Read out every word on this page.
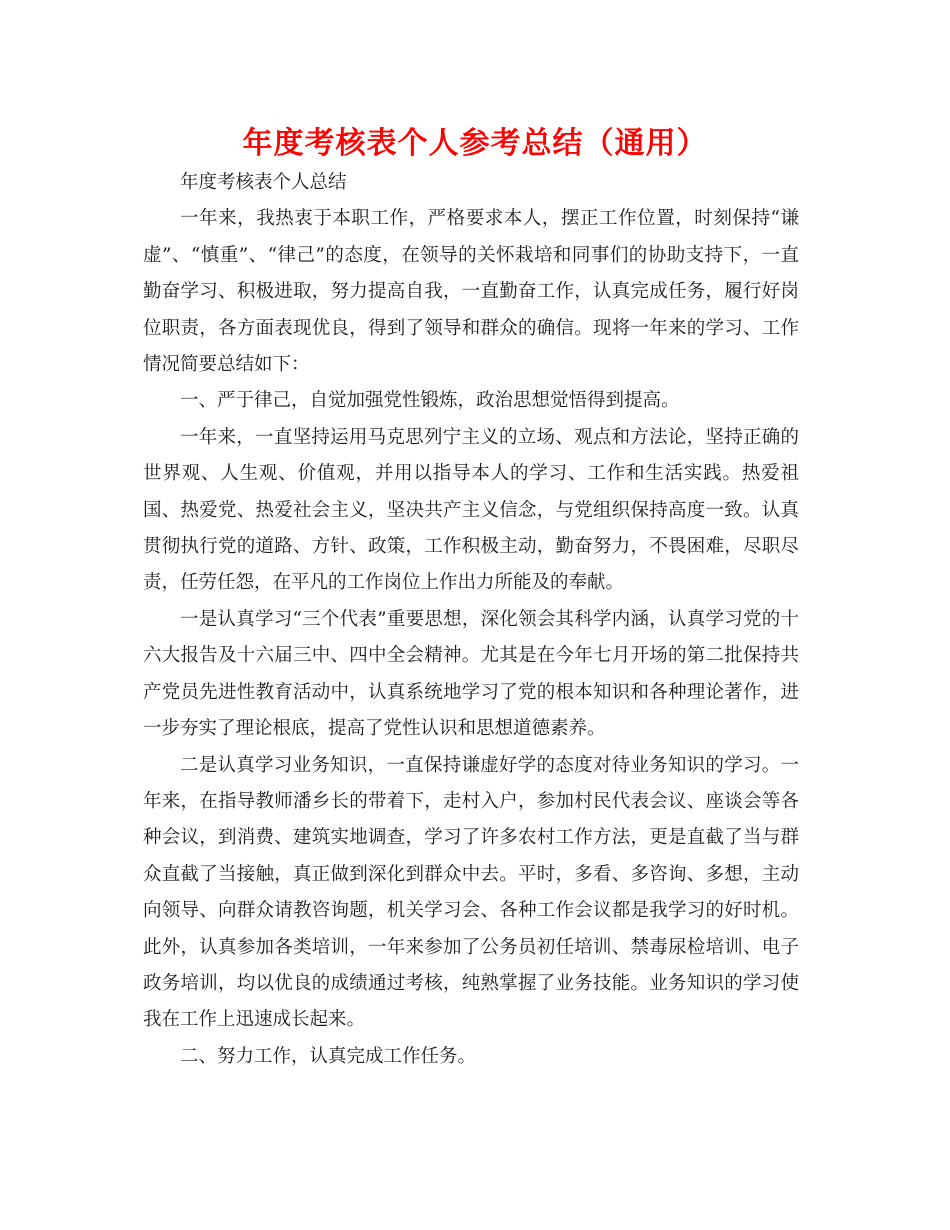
年度考核表个人参考总结（通用）

年度考核表个人总结

一年来，我热衷于本职工作，严格要求本人，摆正工作位置，时刻保持“谦虚”、“慎重”、“律己”的态度，在领导的关怀栽培和同事们的协助支持下，一直勤奋学习、积极进取，努力提高自我，一直勤奋工作，认真完成任务，履行好岗位职责，各方面表现优良，得到了领导和群众的确信。现将一年来的学习、工作情况简要总结如下：

一、严于律己，自觉加强党性锻炼，政治思想觉悟得到提高。

一年来，一直坚持运用马克思列宁主义的立场、观点和方法论，坚持正确的世界观、人生观、价值观，并用以指导本人的学习、工作和生活实践。热爱祖国、热爱党、热爱社会主义，坚决共产主义信念，与党组织保持高度一致。认真贯彻执行党的道路、方针、政策，工作积极主动，勤奋努力，不畏困难，尽职尽责，任劳任怨，在平凡的工作岗位上作出力所能及的奉献。

一是认真学习“三个代表”重要思想，深化领会其科学内涵，认真学习党的十六大报告及十六届三中、四中全会精神。尤其是在今年七月开场的第二批保持共产党员先进性教育活动中，认真系统地学习了党的根本知识和各种理论著作，进一步夯实了理论根底，提高了党性认识和思想道德素养。

二是认真学习业务知识，一直保持谦虚好学的态度对待业务知识的学习。一年来，在指导教师潘乡长的带着下，走村入户，参加村民代表会议、座谈会等各种会议，到消费、建筑实地调查，学习了许多农村工作方法，更是直截了当与群众直截了当接触，真正做到深化到群众中去。平时，多看、多咨询、多想，主动向领导、向群众请教咨询题，机关学习会、各种工作会议都是我学习的好时机。此外，认真参加各类培训，一年来参加了公务员初任培训、禁毒尿检培训、电子政务培训，均以优良的成绩通过考核，纯熟掌握了业务技能。业务知识的学习使我在工作上迅速成长起来。

二、努力工作，认真完成工作任务。
